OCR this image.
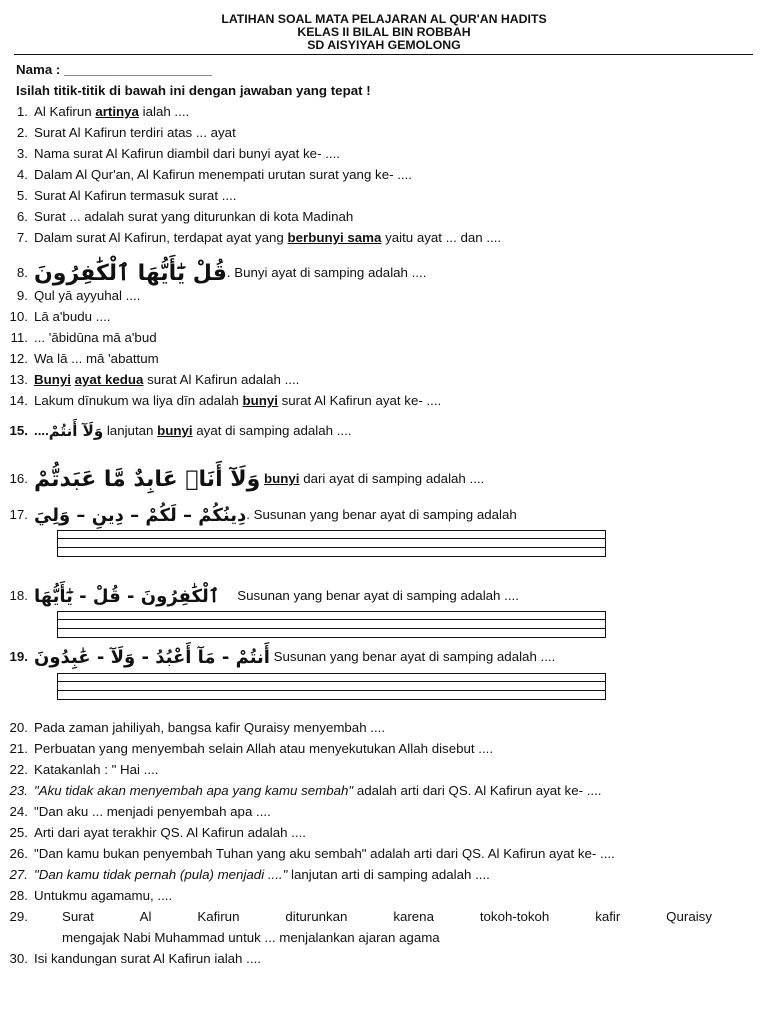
LATIHAN SOAL MATA PELAJARAN AL QUR'AN HADITS
KELAS II BILAL BIN ROBBAH
SD AISYIYAH GEMOLONG
Nama : ____________________
Isilah titik-titik di bawah ini dengan jawaban yang tepat !
1. Al Kafirun artinya ialah ....
2. Surat Al Kafirun terdiri atas ... ayat
3. Nama surat Al Kafirun diambil dari bunyi ayat ke- ....
4. Dalam Al Qur'an, Al Kafirun menempati urutan surat yang ke- ....
5. Surat Al Kafirun termasuk surat ....
6. Surat ... adalah surat yang diturunkan di kota Madinah
7. Dalam surat Al Kafirun, terdapat ayat yang berbunyi sama yaitu ayat ... dan ....
8. قُلْ يَٰٓأَيُّهَا ٱلْكَٰفِرُونَ. Bunyi ayat di samping adalah ....
9. Qul yā ayyuhal ....
10. Lā a'budu ....
11. ... 'ābidūna mā a'bud
12. Wa lā ... mā 'abattum
13. Bunyi ayat kedua surat Al Kafirun adalah ....
14. Lakum dīnukum wa liya dīn adalah bunyi surat Al Kafirun ayat ke- ....
15. ....وَلَآ أَنتُمْ lanjutan bunyi ayat di samping adalah ....
16. وَلَآ أَنَا۠ عَابِدٌ مَّا عَبَدتُّمْ bunyi dari ayat di samping adalah ....
17. دِينُكُمْ – لَكُمْ – دِينِ – وَلِيَ. Susunan yang benar ayat di samping adalah
18. ٱلْكَٰفِرُونَ - قُلْ - يَٰٓأَيُّهَا Susunan yang benar ayat di samping adalah ....
19. أَنتُمْ - مَآ أَعْبُدُ - وَلَآ - عَٰبِدُونَ Susunan yang benar ayat di samping adalah ....
20. Pada zaman jahiliyah, bangsa kafir Quraisy menyembah ....
21. Perbuatan yang menyembah selain Allah atau menyekutukan Allah disebut ....
22. Katakanlah : " Hai ....
23. "Aku tidak akan menyembah apa yang kamu sembah" adalah arti dari QS. Al Kafirun ayat ke- ....
24. "Dan aku ... menjadi penyembah apa ....
25. Arti dari ayat terakhir QS. Al Kafirun adalah ....
26. "Dan kamu bukan penyembah Tuhan yang aku sembah" adalah arti dari QS. Al Kafirun ayat ke- ....
27. "Dan kamu tidak pernah (pula) menjadi ...." lanjutan arti di samping adalah ....
28. Untukmu agamamu, ....
29.	Surat	Al	Kafirun	diturunkan	karena	tokoh-tokoh	kafir	Quraisy
mengajak Nabi Muhammad untuk ... menjalankan ajaran agama
30. Isi kandungan surat Al Kafirun ialah ....
